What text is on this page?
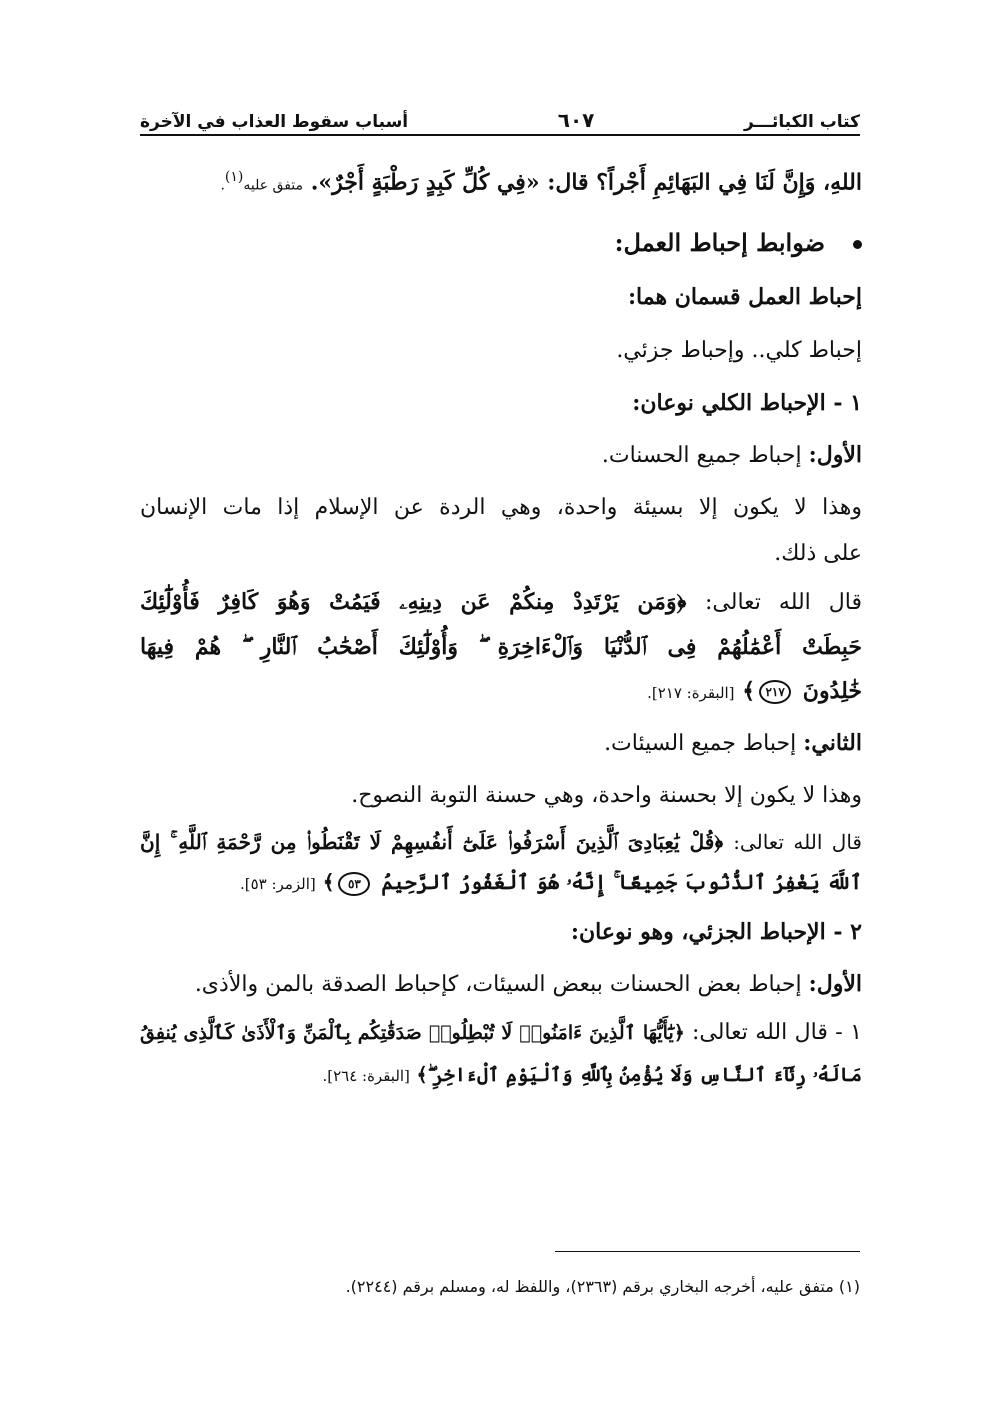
كتاب الكبائـــر
٦٠٧
أسباب سقوط العذاب في الآخرة

اللهِ، وَإِنَّ لَنَا فِي البَهَائِمِ أَجْراً؟ قال: «فِي كُلِّ كَبِدٍ رَطْبَةٍ أَجْرٌ». متفق عليه$^{(١)}$.

ضوابط إحباط العمل:

إحباط العمل قسمان هما:

إحباط كلي.. وإحباط جزئي.

١ - الإحباط الكلي نوعان:

الأول: إحباط جميع الحسنات.

وهذا لا يكون إلا بسيئة واحدة، وهي الردة عن الإسلام إذا مات الإنسان

على ذلك.

قال الله تعالى: ﴿وَمَن يَرْتَدِدْ مِنكُمْ عَن دِينِهِۦ فَيَمُتْ وَهُوَ كَافِرٌ فَأُوْلَٰٓئِكَ

حَبِطَتْ أَعْمَٰلُهُمْ فِى ٱلدُّنْيَا وَٱلْءَاخِرَةِ ۖ وَأُوْلَٰٓئِكَ أَصْحَٰبُ ٱلنَّارِ ۖ هُمْ فِيهَا

خَٰلِدُونَ ٢١٧﴾ [البقرة: ٢١٧].

الثاني: إحباط جميع السيئات.

وهذا لا يكون إلا بحسنة واحدة، وهي حسنة التوبة النصوح.

قال الله تعالى: ﴿قُلْ يَٰعِبَادِىَ ٱلَّذِينَ أَسْرَفُوا۟ عَلَىٰٓ أَنفُسِهِمْ لَا تَقْنَطُوا۟ مِن رَّحْمَةِ ٱللَّهِ ۚ إِنَّ

ٱللَّهَ يَغْفِرُ ٱلذُّنُوبَ جَمِيعًا ۚ إِنَّهُۥ هُوَ ٱلْغَفُورُ ٱلرَّحِيمُ ٥٣﴾ [الزمر: ٥٣].

٢ - الإحباط الجزئي، وهو نوعان:

الأول: إحباط بعض الحسنات ببعض السيئات، كإحباط الصدقة بالمن والأذى.

١ - قال الله تعالى: ﴿يَٰٓأَيُّهَا ٱلَّذِينَ ءَامَنُوا۟ لَا تُبْطِلُوا۟ صَدَقَٰتِكُم بِٱلْمَنِّ وَٱلْأَذَىٰ كَٱلَّذِى يُنفِقُ

مَالَهُۥ رِئَآءَ ٱلنَّاسِ وَلَا يُؤْمِنُ بِٱللَّهِ وَٱلْيَوْمِ ٱلْءَاخِرِ ۖ﴾ [البقرة: ٢٦٤].

(١) متفق عليه، أخرجه البخاري برقم (٢٣٦٣)، واللفظ له، ومسلم برقم (٢٢٤٤).
